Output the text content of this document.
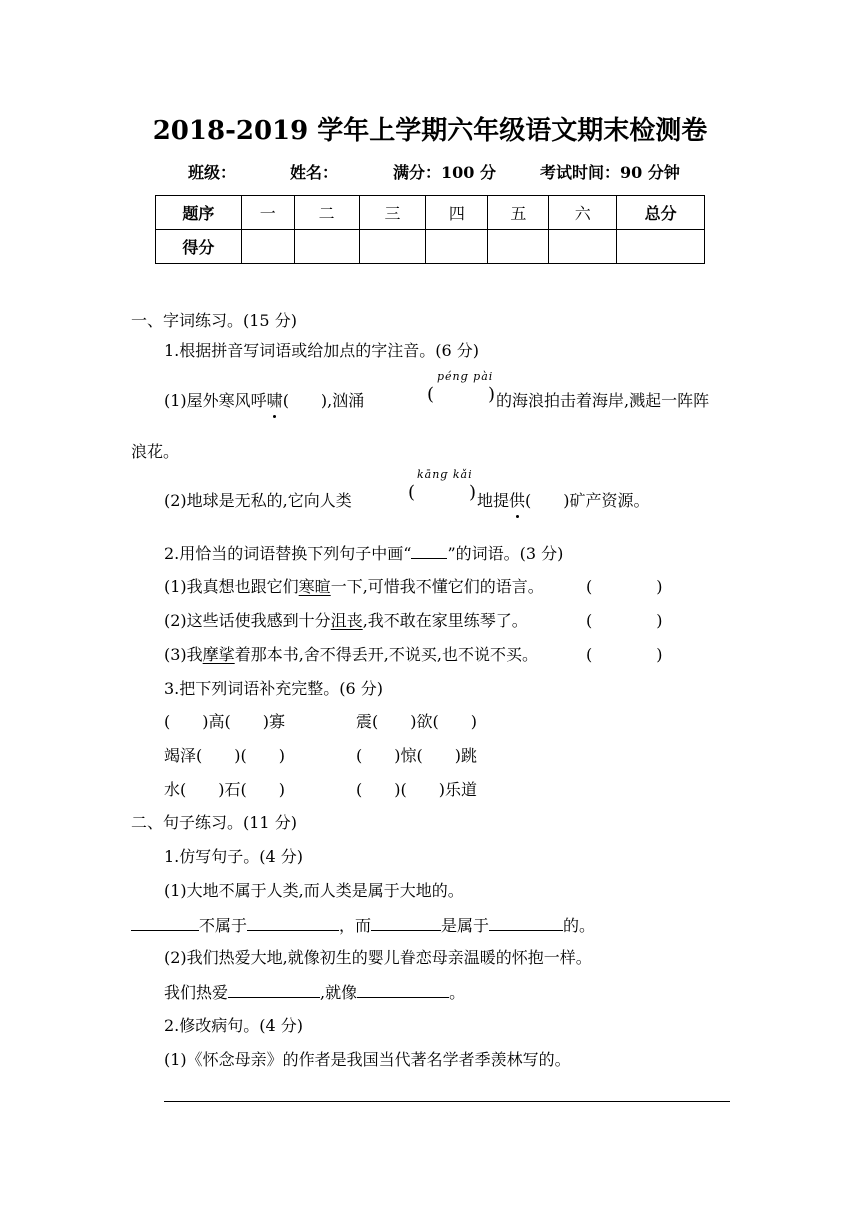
2018-2019 学年上学期六年级语文期末检测卷
班级：	姓名：	满分：100 分	考试时间：90 分钟
题序	一	二	三	四	五	六	总分
得分							
一、字词练习。(15 分)
1.根据拼音写词语或给加点的字注音。(6 分)
pénɡ pài
(	)
(1)屋外寒风呼啸(　　),汹涌	的海浪拍击着海岸,溅起一阵阵
浪花。
kānɡ kǎi
(	)
(2)地球是无私的,它向人类	地提供(　　)矿产资源。
2.用恰当的词语替换下列句子中画“ ”的词语。(3 分)
(1)我真想也跟它们寒暄一下,可惜我不懂它们的语言。	(　　　　)
(2)这些话使我感到十分沮丧,我不敢在家里练琴了。	(　　　　)
(3)我摩挲着那本书,舍不得丢开,不说买,也不说不买。	(　　　　)
3.把下列词语补充完整。(6 分)
(　　)高(　　)寡	震(　　)欲(　　)
竭泽(　　)(　　)	(　　)惊(　　)跳
水(　　)石(　　)	(　　)(　　)乐道
二、句子练习。(11 分)
1.仿写句子。(4 分)
(1)大地不属于人类,而人类是属于大地的。
不属于	，而	是属于	的。
(2)我们热爱大地,就像初生的婴儿眷恋母亲温暖的怀抱一样。
我们热爱	,就像	。
2.修改病句。(4 分)
(1)《怀念母亲》的作者是我国当代著名学者季羡林写的。
